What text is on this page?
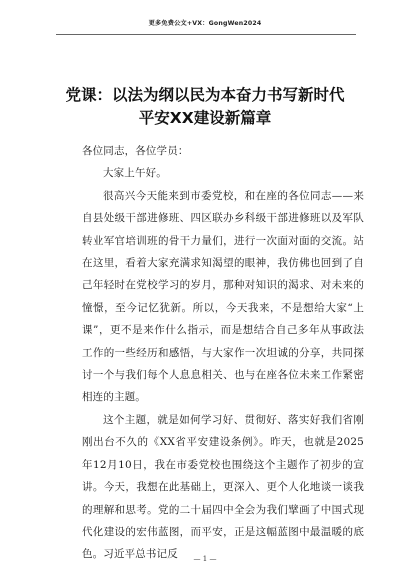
更多免费公文+VX：GongWen2024
党课：以法为纲以民为本奋力书写新时代
平安XX建设新篇章

各位同志，各位学员：

大家上午好。

很高兴今天能来到市委党校，和在座的各位同志——来自县处级干部进修班、四区联办乡科级干部进修班以及军队转业军官培训班的骨干力量们，进行一次面对面的交流。站在这里，看着大家充满求知渴望的眼神，我仿佛也回到了自己年轻时在党校学习的岁月，那种对知识的渴求、对未来的憧憬，至今记忆犹新。所以，今天我来，不是想给大家“上课”，更不是来作什么指示，而是想结合自己多年从事政法工作的一些经历和感悟，与大家作一次坦诚的分享，共同探讨一个与我们每个人息息相关、也与在座各位未来工作紧密相连的主题。

这个主题，就是如何学习好、贯彻好、落实好我们省刚刚出台不久的《XX省平安建设条例》。昨天，也就是2025年12月10日，我在市委党校也围绕这个主题作了初步的宣讲。今天，我想在此基础上，更深入、更个人化地谈一谈我的理解和思考。党的二十届四中全会为我们擘画了中国式现代化建设的宏伟蓝图，而平安，正是这幅蓝图中最温暖的底色。习近平总书记反	— 1 —
